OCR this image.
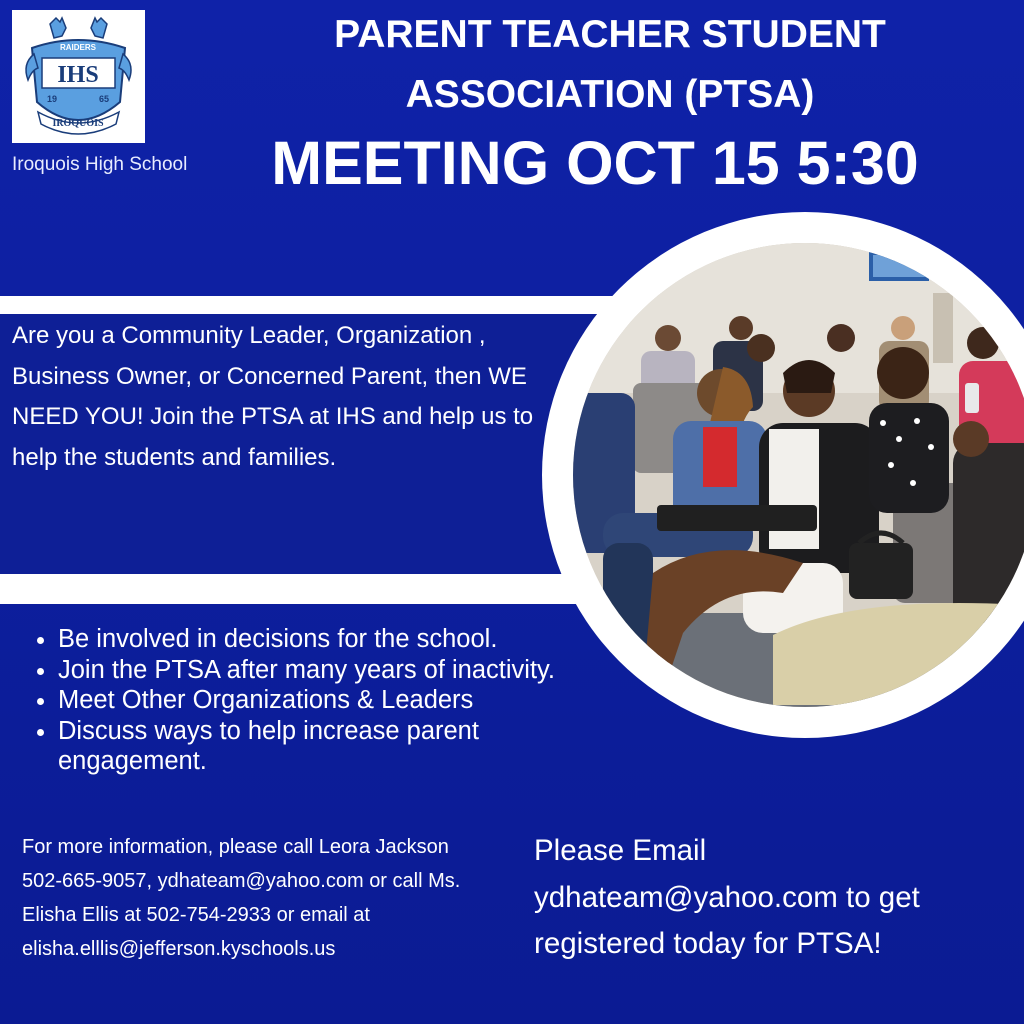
RAIDERS
IHS
19	65
IROQUOIS
Iroquois High School
PARENT TEACHER STUDENT
ASSOCIATION (PTSA)
MEETING OCT 15 5:30
Are you a Community Leader, Organization , Business Owner, or Concerned Parent, then WE NEED YOU! Join the PTSA at IHS and help us to help the students and families.
• Be involved in decisions for the school.
• Join the PTSA after many years of inactivity.
• Meet Other Organizations & Leaders
• Discuss ways to help increase parent engagement.
For more information, please call Leora Jackson 502-665-9057, ydhateam@yahoo.com or call Ms. Elisha Ellis at 502-754-2933 or email at elisha.elllis@jefferson.kyschools.us
Please Email ydhateam@yahoo.com to get registered today for PTSA!
